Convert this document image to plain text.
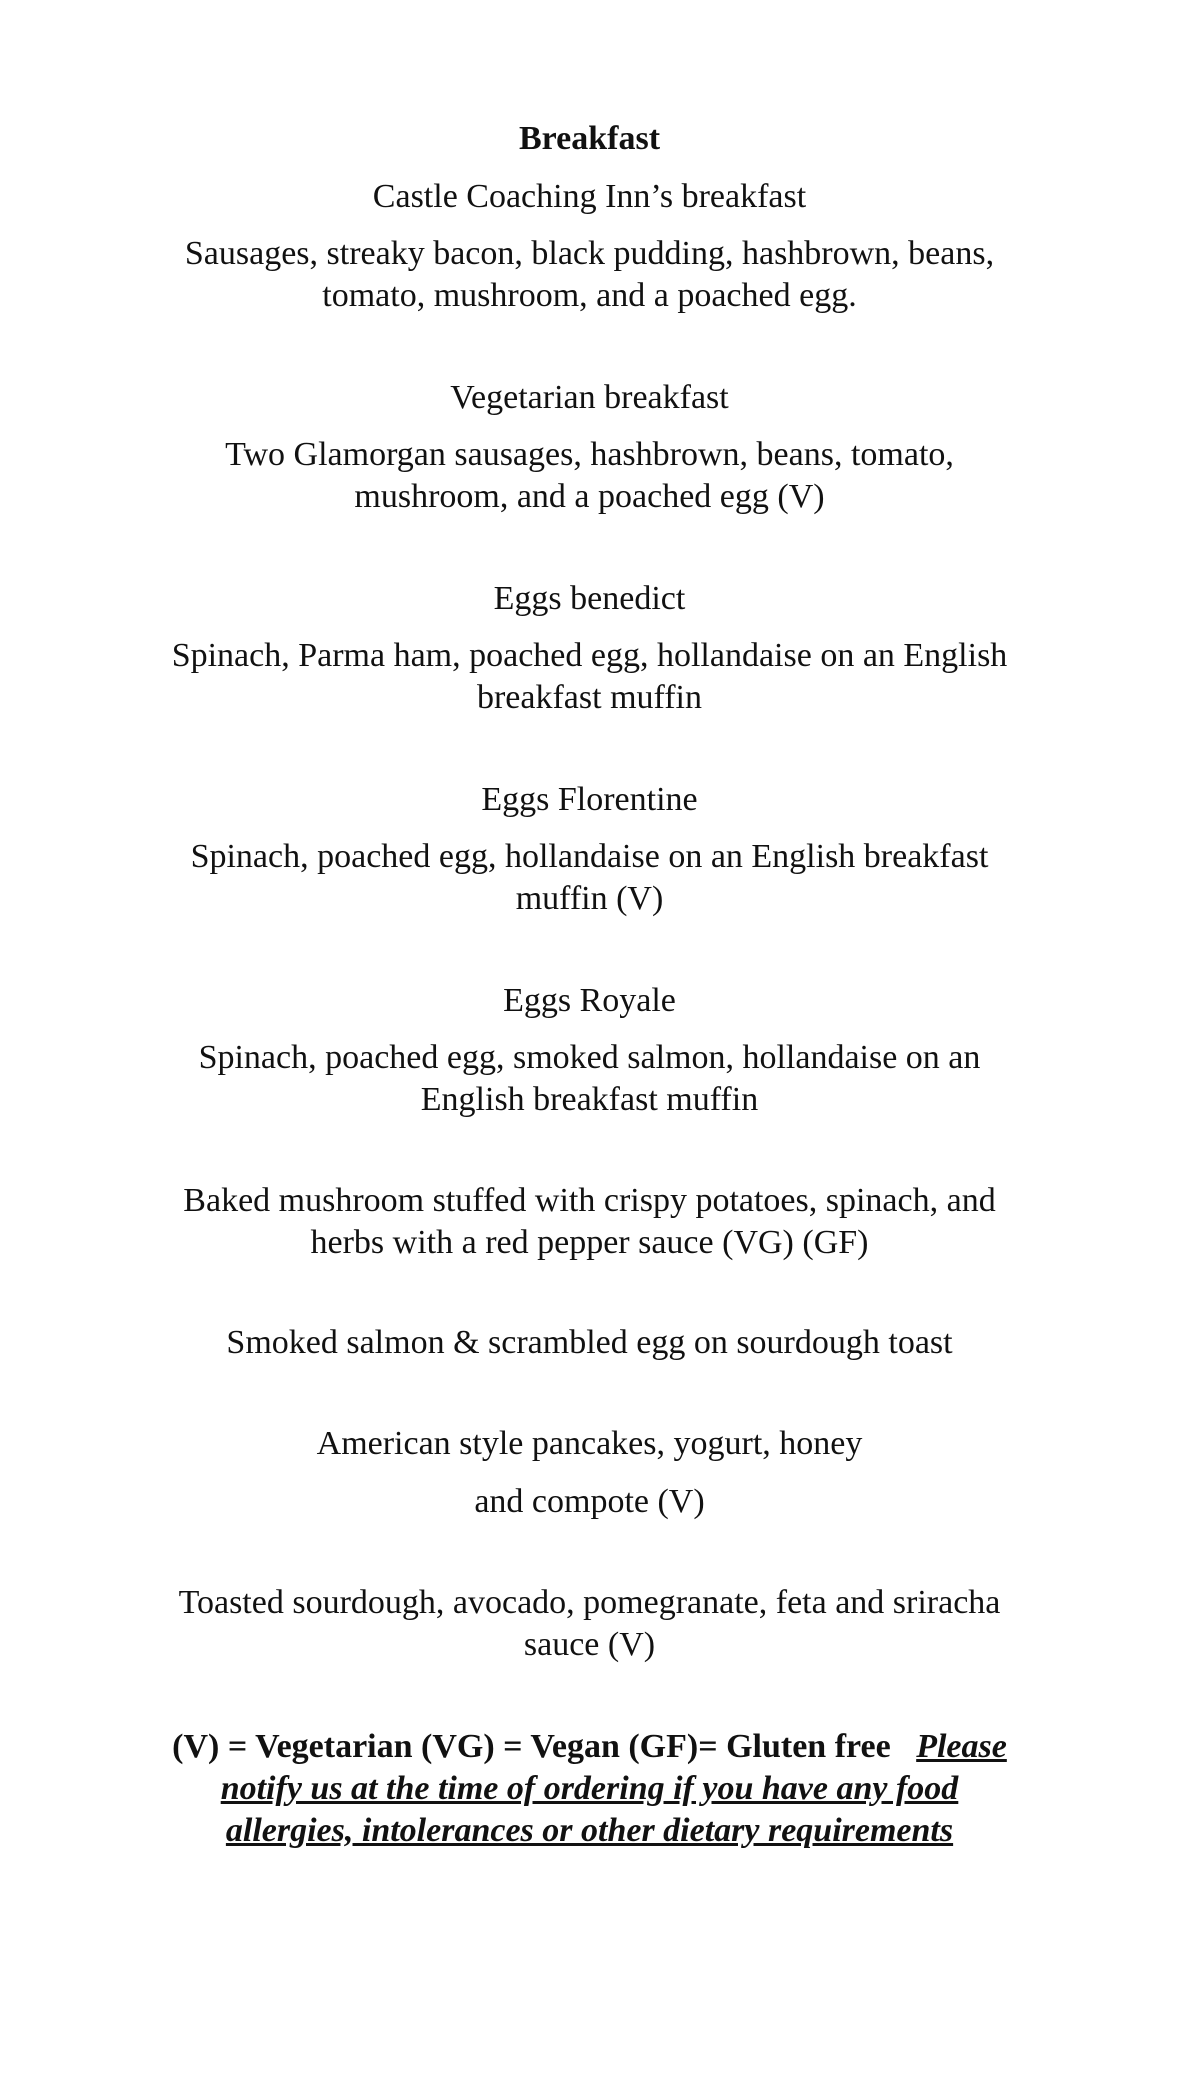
Breakfast

Castle Coaching Inn’s breakfast

Sausages, streaky bacon, black pudding, hashbrown, beans,

tomato, mushroom, and a poached egg.

Vegetarian breakfast

Two Glamorgan sausages, hashbrown, beans, tomato,

mushroom, and a poached egg (V)

Eggs benedict

Spinach, Parma ham, poached egg, hollandaise on an English

breakfast muffin

Eggs Florentine

Spinach, poached egg, hollandaise on an English breakfast

muffin (V)

Eggs Royale

Spinach, poached egg, smoked salmon, hollandaise on an

English breakfast muffin

Baked mushroom stuffed with crispy potatoes, spinach, and

herbs with a red pepper sauce (VG) (GF)

Smoked salmon & scrambled egg on sourdough toast

American style pancakes, yogurt, honey

and compote (V)

Toasted sourdough, avocado, pomegranate, feta and sriracha

sauce (V)

(V) = Vegetarian (VG) = Vegan (GF)= Gluten free Please

notify us at the time of ordering if you have any food

allergies, intolerances or other dietary requirements
